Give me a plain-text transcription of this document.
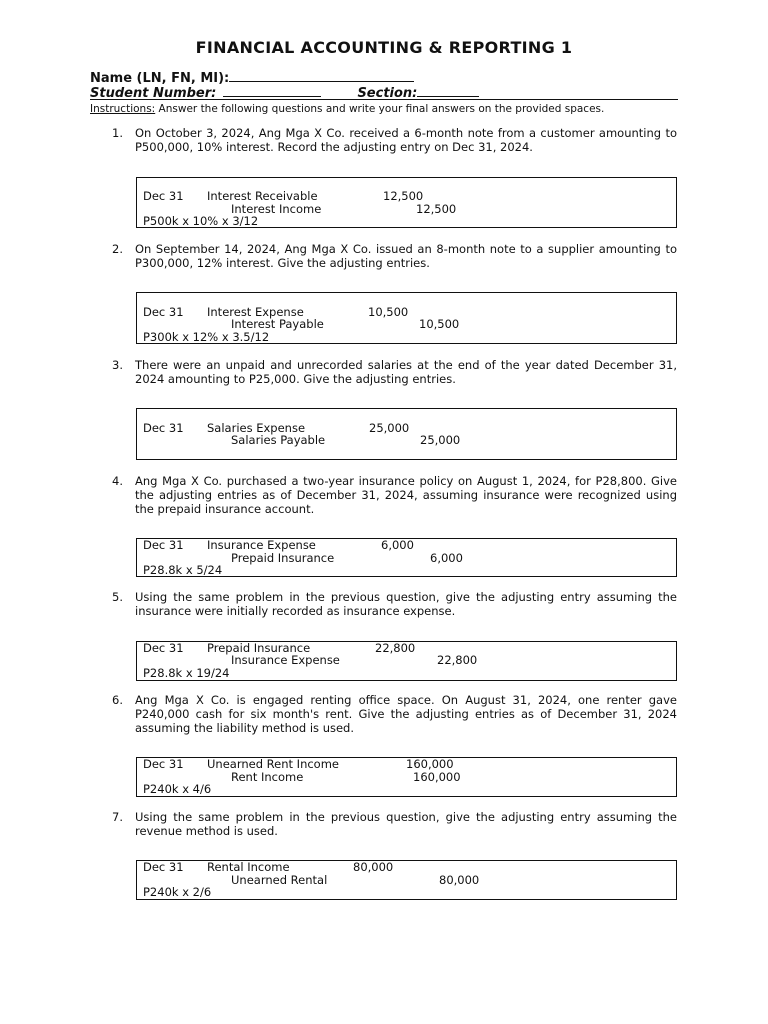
FINANCIAL ACCOUNTING & REPORTING 1
Name (LN, FN, MI):
Student Number:	Section:
Instructions: Answer the following questions and write your final answers on the provided spaces.
1. On October 3, 2024, Ang Mga X Co. received a 6-month note from a customer amounting to P500,000, 10% interest. Record the adjusting entry on Dec 31, 2024.
Dec 31 Interest Receivable	12,500
Interest Income	12,500
P500k x 10% x 3/12
2. On September 14, 2024, Ang Mga X Co. issued an 8-month note to a supplier amounting to P300,000, 12% interest. Give the adjusting entries.
Dec 31 Interest Expense	10,500
Interest Payable	10,500
P300k x 12% x 3.5/12
3. There were an unpaid and unrecorded salaries at the end of the year dated December 31, 2024 amounting to P25,000. Give the adjusting entries.
Dec 31 Salaries Expense	25,000
Salaries Payable	25,000
4. Ang Mga X Co. purchased a two-year insurance policy on August 1, 2024, for P28,800. Give the adjusting entries as of December 31, 2024, assuming insurance were recognized using the prepaid insurance account.
Dec 31 Insurance Expense	6,000
Prepaid Insurance	6,000
P28.8k x 5/24
5. Using the same problem in the previous question, give the adjusting entry assuming the insurance were initially recorded as insurance expense.
Dec 31 Prepaid Insurance	22,800
Insurance Expense	22,800
P28.8k x 19/24
6. Ang Mga X Co. is engaged renting office space. On August 31, 2024, one renter gave P240,000 cash for six month's rent. Give the adjusting entries as of December 31, 2024 assuming the liability method is used.
Dec 31 Unearned Rent Income	160,000
Rent Income	160,000
P240k x 4/6
7. Using the same problem in the previous question, give the adjusting entry assuming the revenue method is used.
Dec 31 Rental Income	80,000
Unearned Rental	80,000
P240k x 2/6
